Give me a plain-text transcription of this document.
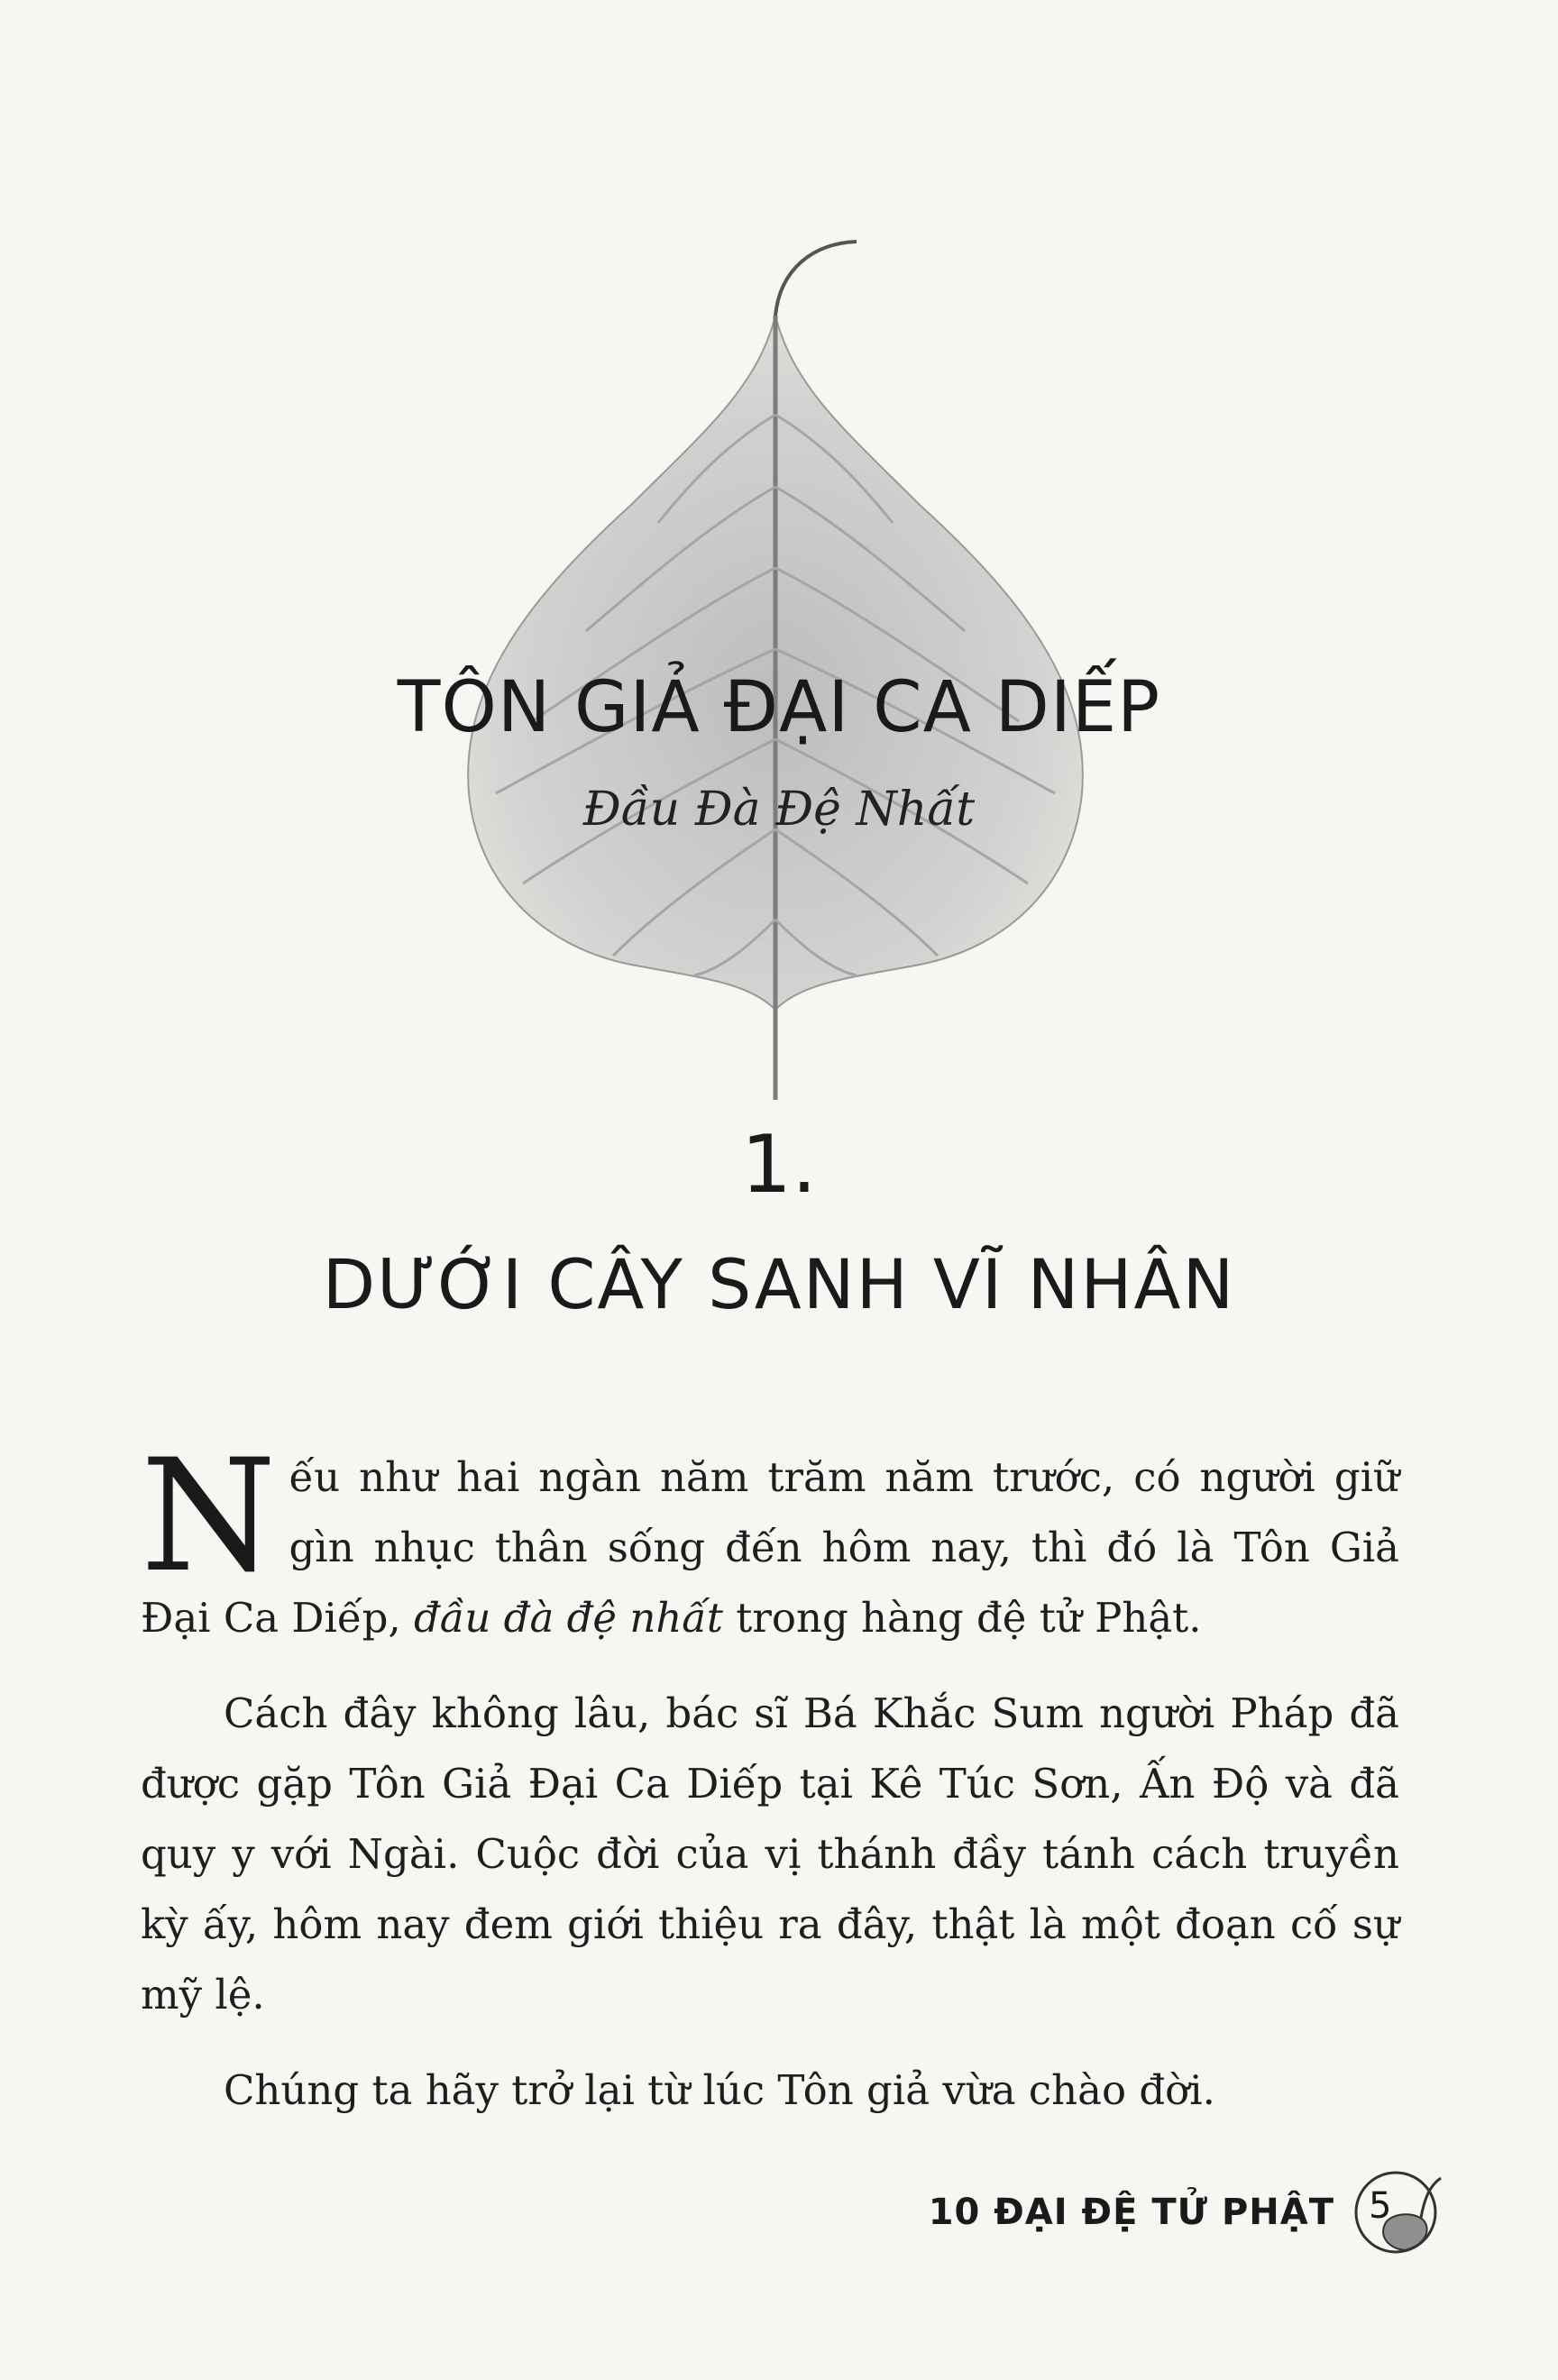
TÔN GIẢ ĐẠI CA DIẾP
Đầu Đà Đệ Nhất
1.
DƯỚI CÂY SANH VĨ NHÂN

Nếu như hai ngàn năm trăm năm trước, có người giữ gìn nhục thân sống đến hôm nay, thì đó là Tôn Giả Đại Ca Diếp, đầu đà đệ nhất trong hàng đệ tử Phật.

Cách đây không lâu, bác sĩ Bá Khắc Sum người Pháp đã được gặp Tôn Giả Đại Ca Diếp tại Kê Túc Sơn, Ấn Độ và đã quy y với Ngài. Cuộc đời của vị thánh đầy tánh cách truyền kỳ ấy, hôm nay đem giới thiệu ra đây, thật là một đoạn cố sự mỹ lệ.

Chúng ta hãy trở lại từ lúc Tôn giả vừa chào đời.

10 ĐẠI ĐỆ TỬ PHẬT 5
